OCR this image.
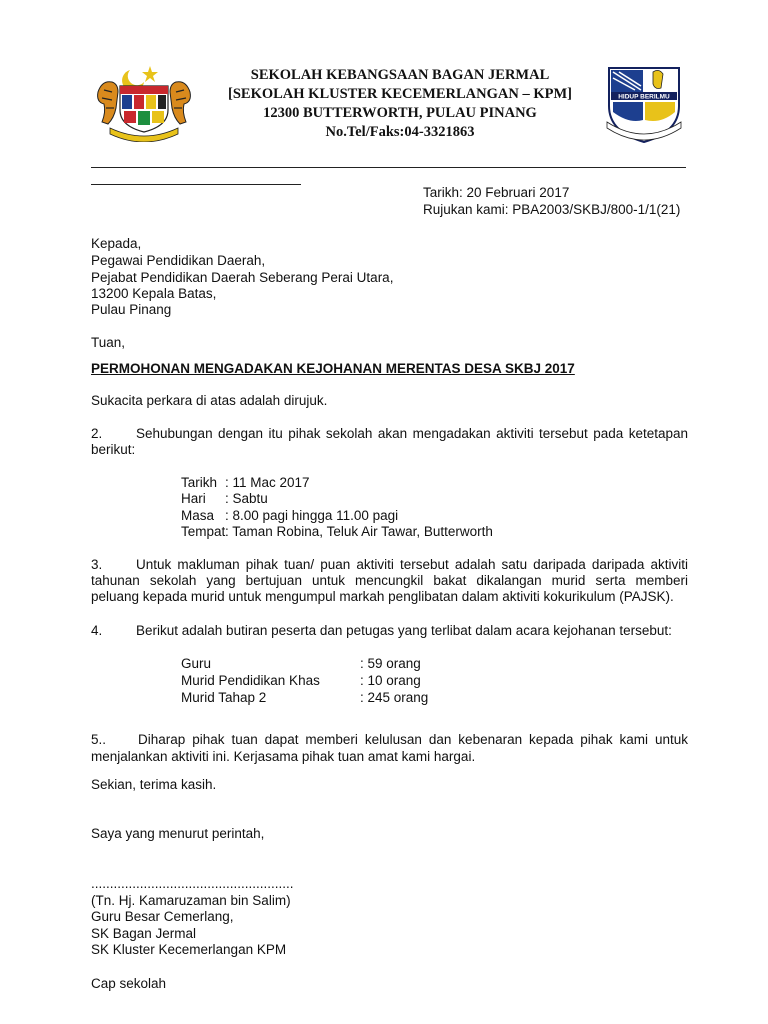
SEKOLAH KEBANGSAAN BAGAN JERMAL
[SEKOLAH KLUSTER KECEMERLANGAN – KPM]
12300 BUTTERWORTH, PULAU PINANG
No.Tel/Faks:04-3321863
HIDUP BERILMU
Tarikh: 20 Februari 2017
Rujukan kami: PBA2003/SKBJ/800-1/1(21)
Kepada,
Pegawai Pendidikan Daerah,
Pejabat Pendidikan Daerah Seberang Perai Utara,
13200 Kepala Batas,
Pulau Pinang
Tuan,
PERMOHONAN MENGADAKAN KEJOHANAN MERENTAS DESA SKBJ 2017
Sukacita perkara di atas adalah dirujuk.
2. Sehubungan dengan itu pihak sekolah akan mengadakan aktiviti tersebut pada ketetapan
berikut:
Tarikh : 11 Mac 2017
Hari : Sabtu
Masa : 8.00 pagi hingga 11.00 pagi
Tempat : Taman Robina, Teluk Air Tawar, Butterworth
3. Untuk makluman pihak tuan/ puan aktiviti tersebut adalah satu daripada daripada aktiviti
tahunan sekolah yang bertujuan untuk mencungkil bakat dikalangan murid serta memberi
peluang kepada murid untuk mengumpul markah penglibatan dalam aktiviti kokurikulum (PAJSK).
4. Berikut adalah butiran peserta dan petugas yang terlibat dalam acara kejohanan tersebut:
Guru	: 59 orang
Murid Pendidikan Khas	: 10 orang
Murid Tahap 2	: 245 orang
5.. Diharap pihak tuan dapat memberi kelulusan dan kebenaran kepada pihak kami untuk
menjalankan aktiviti ini. Kerjasama pihak tuan amat kami hargai.
Sekian, terima kasih.
Saya yang menurut perintah,
......................................................
(Tn. Hj. Kamaruzaman bin Salim)
Guru Besar Cemerlang,
SK Bagan Jermal
SK Kluster Kecemerlangan KPM
Cap sekolah
